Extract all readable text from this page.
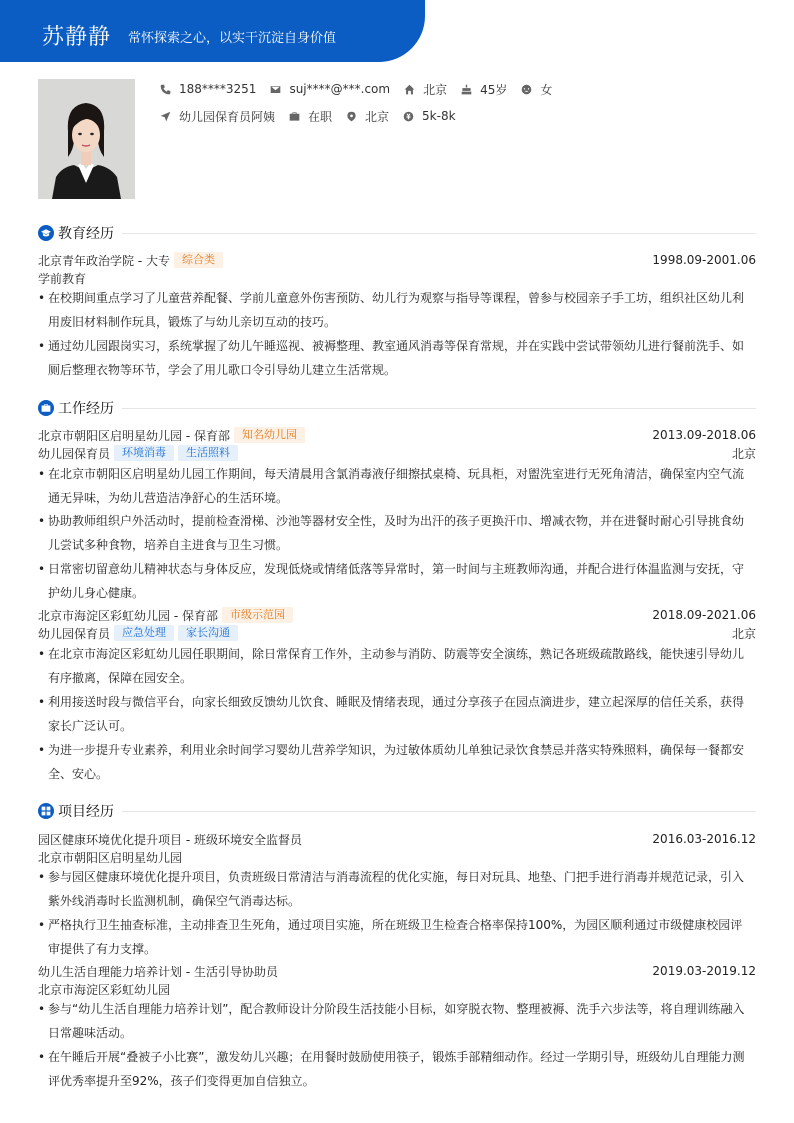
苏静静 常怀探索之心，以实干沉淀自身价值
188****3251	suj****@***.com	北京	45岁	女
幼儿园保育员阿姨	在职	北京	5k-8k
教育经历
北京青年政治学院 - 大专	综合类	1998.09-2001.06
学前教育
• 在校期间重点学习了儿童营养配餐、学前儿童意外伤害预防、幼儿行为观察与指导等课程，曾参与校园亲子手工坊，组织社区幼儿利用废旧材料制作玩具，锻炼了与幼儿亲切互动的技巧。
• 通过幼儿园跟岗实习，系统掌握了幼儿午睡巡视、被褥整理、教室通风消毒等保育常规，并在实践中尝试带领幼儿进行餐前洗手、如厕后整理衣物等环节，学会了用儿歌口令引导幼儿建立生活常规。
工作经历
北京市朝阳区启明星幼儿园 - 保育部	知名幼儿园	2013.09-2018.06
幼儿园保育员	环境消毒	生活照料	北京
• 在北京市朝阳区启明星幼儿园工作期间，每天清晨用含氯消毒液仔细擦拭桌椅、玩具柜，对盥洗室进行无死角清洁，确保室内空气流通无异味，为幼儿营造洁净舒心的生活环境。
• 协助教师组织户外活动时，提前检查滑梯、沙池等器材安全性，及时为出汗的孩子更换汗巾、增减衣物，并在进餐时耐心引导挑食幼儿尝试多种食物，培养自主进食与卫生习惯。
• 日常密切留意幼儿精神状态与身体反应，发现低烧或情绪低落等异常时，第一时间与主班教师沟通，并配合进行体温监测与安抚，守护幼儿身心健康。
北京市海淀区彩虹幼儿园 - 保育部	市级示范园	2018.09-2021.06
幼儿园保育员	应急处理	家长沟通	北京
• 在北京市海淀区彩虹幼儿园任职期间，除日常保育工作外，主动参与消防、防震等安全演练，熟记各班级疏散路线，能快速引导幼儿有序撤离，保障在园安全。
• 利用接送时段与微信平台，向家长细致反馈幼儿饮食、睡眠及情绪表现，通过分享孩子在园点滴进步，建立起深厚的信任关系，获得家长广泛认可。
• 为进一步提升专业素养，利用业余时间学习婴幼儿营养学知识，为过敏体质幼儿单独记录饮食禁忌并落实特殊照料，确保每一餐都安全、安心。
项目经历
园区健康环境优化提升项目 - 班级环境安全监督员	2016.03-2016.12
北京市朝阳区启明星幼儿园
• 参与园区健康环境优化提升项目，负责班级日常清洁与消毒流程的优化实施，每日对玩具、地垫、门把手进行消毒并规范记录，引入紫外线消毒时长监测机制，确保空气消毒达标。
• 严格执行卫生抽查标准，主动排查卫生死角，通过项目实施，所在班级卫生检查合格率保持100%，为园区顺利通过市级健康校园评审提供了有力支撑。
幼儿生活自理能力培养计划 - 生活引导协助员	2019.03-2019.12
北京市海淀区彩虹幼儿园
• 参与“幼儿生活自理能力培养计划”，配合教师设计分阶段生活技能小目标，如穿脱衣物、整理被褥、洗手六步法等，将自理训练融入日常趣味活动。
• 在午睡后开展“叠被子小比赛”，激发幼儿兴趣；在用餐时鼓励使用筷子，锻炼手部精细动作。经过一学期引导，班级幼儿自理能力测评优秀率提升至92%，孩子们变得更加自信独立。
